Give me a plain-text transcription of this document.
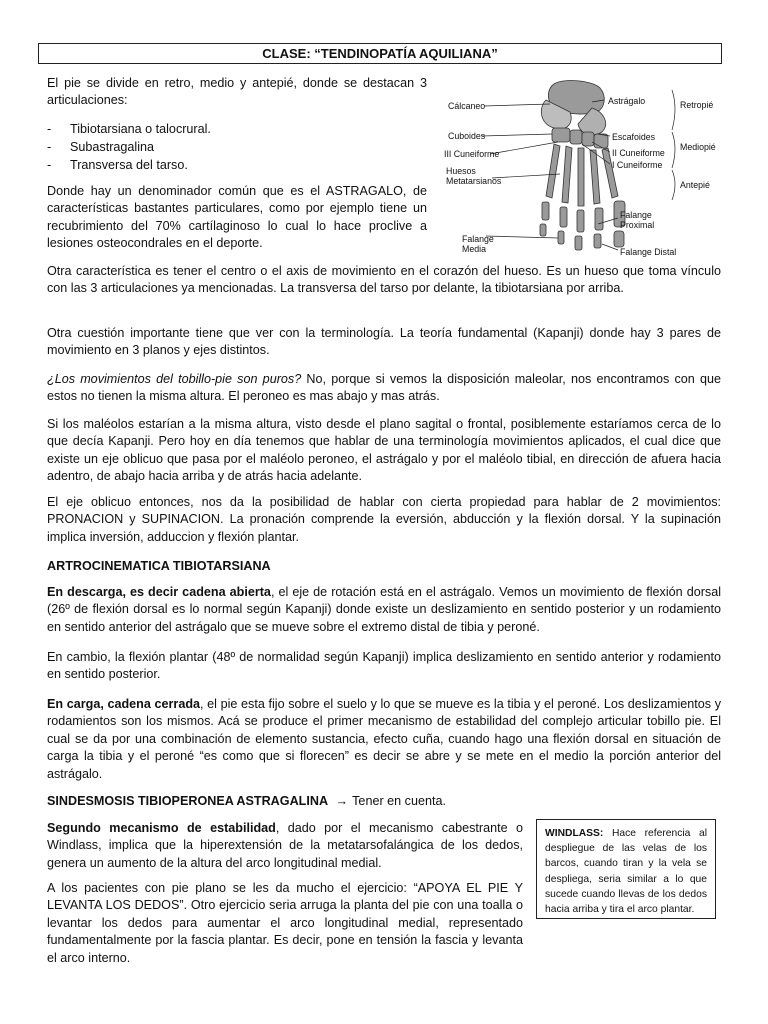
CLASE: “TENDINOPATÍA AQUILIANA”

El pie se divide en retro, medio y antepié, donde se destacan 3 articulaciones:

- Tibiotarsiana o talocrural.
- Subastragalina
- Transversa del tarso.

Donde hay un denominador común que es el ASTRAGALO, de características bastantes particulares, como por ejemplo tiene un recubrimiento del 70% cartílaginoso lo cual lo hace proclive a lesiones osteocondrales en el deporte.

Otra característica es tener el centro o el axis de movimiento en el corazón del hueso. Es un hueso que toma vínculo con las 3 articulaciones ya mencionadas. La transversa del tarso por delante, la tibiotarsiana por arriba.

Otra cuestión importante tiene que ver con la terminología. La teoría fundamental (Kapanji) donde hay 3 pares de movimiento en 3 planos y ejes distintos.

¿Los movimientos del tobillo-pie son puros? No, porque si vemos la disposición maleolar, nos encontramos con que estos no tienen la misma altura. El peroneo es mas abajo y mas atrás.

Si los maléolos estarían a la misma altura, visto desde el plano sagital o frontal, posiblemente estaríamos cerca de lo que decía Kapanji. Pero hoy en día tenemos que hablar de una terminología movimientos aplicados, el cual dice que existe un eje oblicuo que pasa por el maléolo peroneo, el astrágalo y por el maléolo tibial, en dirección de afuera hacia adentro, de abajo hacia arriba y de atrás hacia adelante.

El eje oblicuo entonces, nos da la posibilidad de hablar con cierta propiedad para hablar de 2 movimientos: PRONACION y SUPINACION. La pronación comprende la eversión, abducción y la flexión dorsal. Y la supinación implica inversión, adduccion y flexión plantar.

ARTROCINEMATICA TIBIOTARSIANA

En descarga, es decir cadena abierta, el eje de rotación está en el astrágalo. Vemos un movimiento de flexión dorsal (26º de flexión dorsal es lo normal según Kapanji) donde existe un deslizamiento en sentido posterior y un rodamiento en sentido anterior del astrágalo que se mueve sobre el extremo distal de tibia y peroné.

En cambio, la flexión plantar (48º de normalidad según Kapanji) implica deslizamiento en sentido anterior y rodamiento en sentido posterior.

En carga, cadena cerrada, el pie esta fijo sobre el suelo y lo que se mueve es la tibia y el peroné. Los deslizamientos y rodamientos son los mismos. Acá se produce el primer mecanismo de estabilidad del complejo articular tobillo pie. El cual se da por una combinación de elemento sustancia, efecto cuña, cuando hago una flexión dorsal en situación de carga la tibia y el peroné “es como que si florecen” es decir se abre y se mete en el medio la porción anterior del astrágalo.

SINDESMOSIS TIBIOPERONEA ASTRAGALINA → Tener en cuenta.

Segundo mecanismo de estabilidad, dado por el mecanismo cabestrante o Windlass, implica que la hiperextensión de la metatarsofalángica de los dedos, genera un aumento de la altura del arco longitudinal medial.

A los pacientes con pie plano se les da mucho el ejercicio: “APOYA EL PIE Y LEVANTA LOS DEDOS”. Otro ejercicio seria arruga la planta del pie con una toalla o levantar los dedos para aumentar el arco longitudinal medial, representado fundamentalmente por la fascia plantar. Es decir, pone en tensión la fascia y levanta el arco interno.

WINDLASS: Hace referencia al despliegue de las velas de los barcos, cuando tiran y la vela se despliega, seria similar a lo que sucede cuando llevas de los dedos hacia arriba y tira el arco plantar.
Cálcaneo
Cuboides
III Cuneiforme
Huesos Metatarsianos
Falange Media
Astrágalo
Escafoides
II Cuneiforme
I Cuneiforme
Falange Proximal
Falange Distal
Retropié
Mediopié
Antepié
